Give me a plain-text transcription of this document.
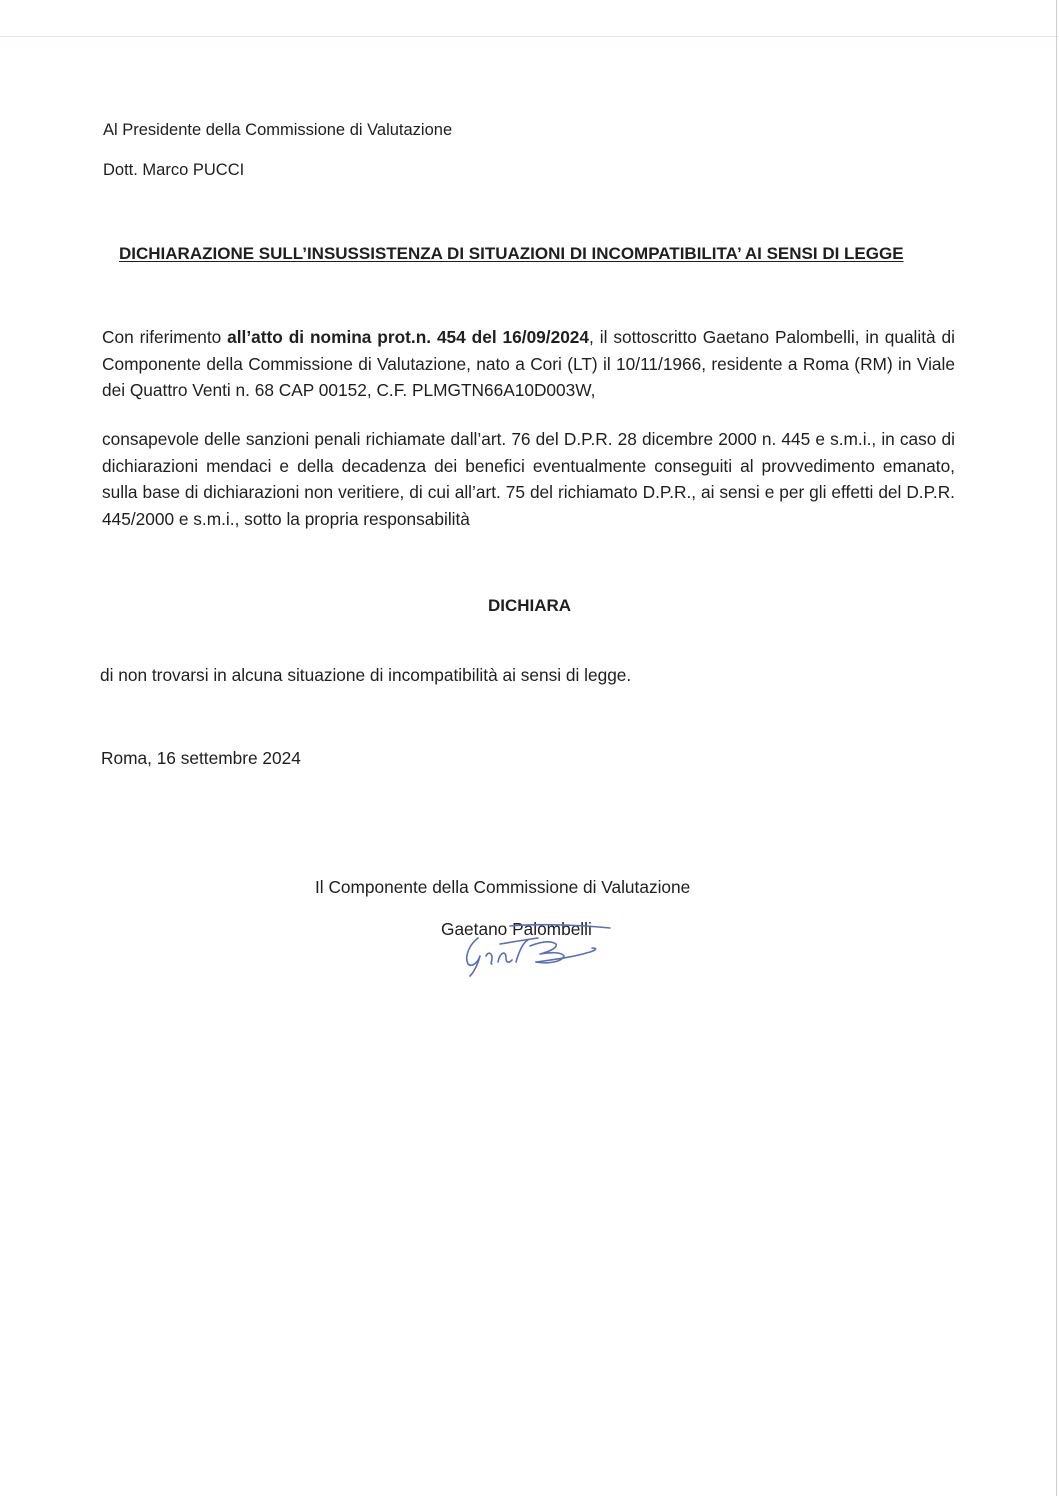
Al Presidente della Commissione di Valutazione
Dott. Marco PUCCI
DICHIARAZIONE SULL’INSUSSISTENZA DI SITUAZIONI DI INCOMPATIBILITA’ AI SENSI DI LEGGE
Con riferimento all’atto di nomina prot.n. 454 del 16/09/2024, il sottoscritto Gaetano Palombelli, in qualità di Componente della Commissione di Valutazione, nato a Cori (LT) il 10/11/1966, residente a Roma (RM) in Viale dei Quattro Venti n. 68 CAP 00152, C.F. PLMGTN66A10D003W,
consapevole delle sanzioni penali richiamate dall’art. 76 del D.P.R. 28 dicembre 2000 n. 445 e s.m.i., in caso di dichiarazioni mendaci e della decadenza dei benefici eventualmente conseguiti al provvedimento emanato, sulla base di dichiarazioni non veritiere, di cui all’art. 75 del richiamato D.P.R., ai sensi e per gli effetti del D.P.R. 445/2000 e s.m.i., sotto la propria responsabilità
DICHIARA
di non trovarsi in alcuna situazione di incompatibilità ai sensi di legge.
Roma, 16 settembre 2024
Il Componente della Commissione di Valutazione
Gaetano Palombelli
